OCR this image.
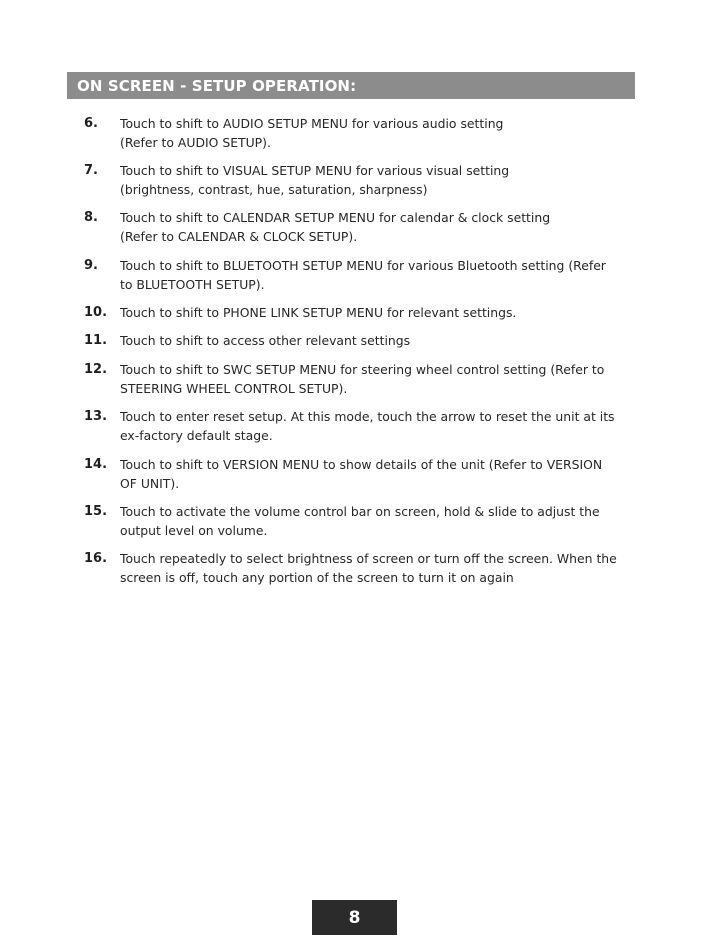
ON SCREEN - SETUP OPERATION:
6. Touch to shift to AUDIO SETUP MENU for various audio setting
(Refer to AUDIO SETUP).
7. Touch to shift to VISUAL SETUP MENU for various visual setting
(brightness, contrast, hue, saturation, sharpness)
8. Touch to shift to CALENDAR SETUP MENU for calendar & clock setting
(Refer to CALENDAR & CLOCK SETUP).
9. Touch to shift to BLUETOOTH SETUP MENU for various Bluetooth setting (Refer
to BLUETOOTH SETUP).
10. Touch to shift to PHONE LINK SETUP MENU for relevant settings.
11. Touch to shift to access other relevant settings
12. Touch to shift to SWC SETUP MENU for steering wheel control setting (Refer to
STEERING WHEEL CONTROL SETUP).
13. Touch to enter reset setup. At this mode, touch the arrow to reset the unit at its
ex-factory default stage.
14. Touch to shift to VERSION MENU to show details of the unit (Refer to VERSION
OF UNIT).
15. Touch to activate the volume control bar on screen, hold & slide to adjust the
output level on volume.
16. Touch repeatedly to select brightness of screen or turn off the screen. When the
screen is off, touch any portion of the screen to turn it on again
8
